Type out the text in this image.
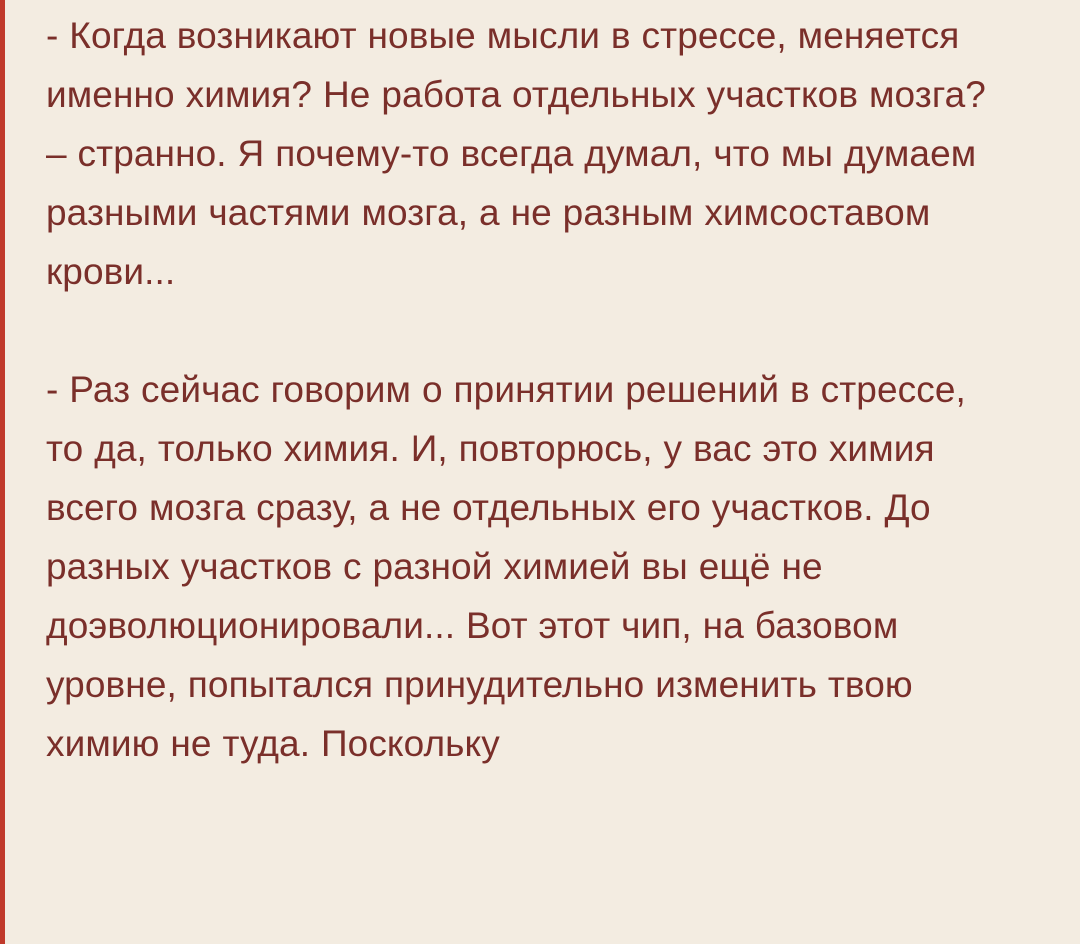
- Когда возникают новые мысли в стрессе, меняется именно химия? Не работа отдельных участков мозга? – странно. Я почему-то всегда думал, что мы думаем разными частями мозга, а не разным химсоставом крови...

- Раз сейчас говорим о принятии решений в стрессе, то да, только химия. И, повторюсь, у вас это химия всего мозга сразу, а не отдельных его участков. До разных участков с разной химией вы ещё не доэволюционировали... Вот этот чип, на базовом уровне, попытался принудительно изменить твою химию не туда. Поскольку
